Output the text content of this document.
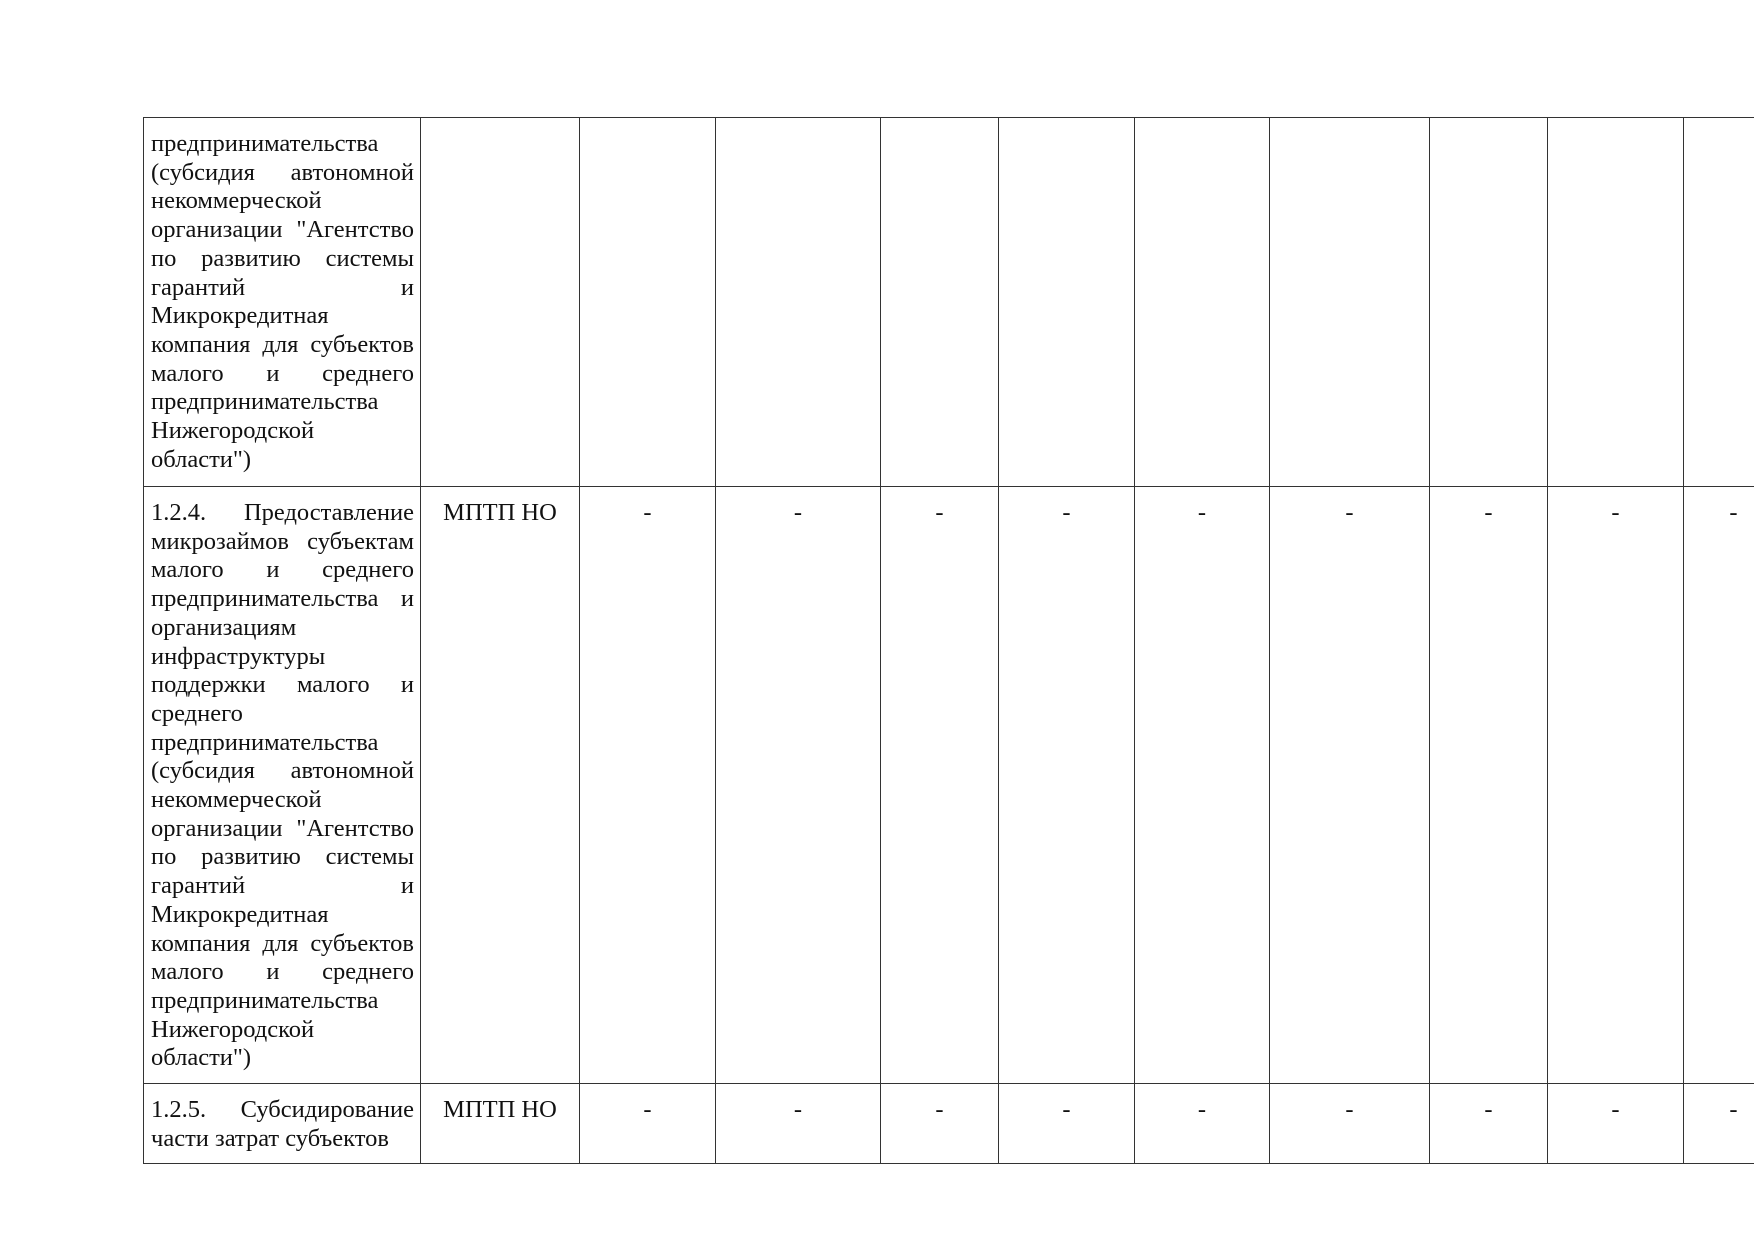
предпринимательства (субсидия автономной некоммерческой организации "Агентство по развитию системы гарантий и Микрокредитная компания для субъектов малого и среднего предпринимательства Нижегородской области")										

1.2.4. Предоставление микрозаймов субъектам малого и среднего предпринимательства и организациям инфраструктуры поддержки малого и среднего предпринимательства (субсидия автономной некоммерческой организации "Агентство по развитию системы гарантий и Микрокредитная компания для субъектов малого и среднего предпринимательства Нижегородской области")	МПТП НО	-	-	-	-	-	-	-	-	-

1.2.5. Субсидирование части затрат субъектов	МПТП НО	-	-	-	-	-	-	-	-	-
